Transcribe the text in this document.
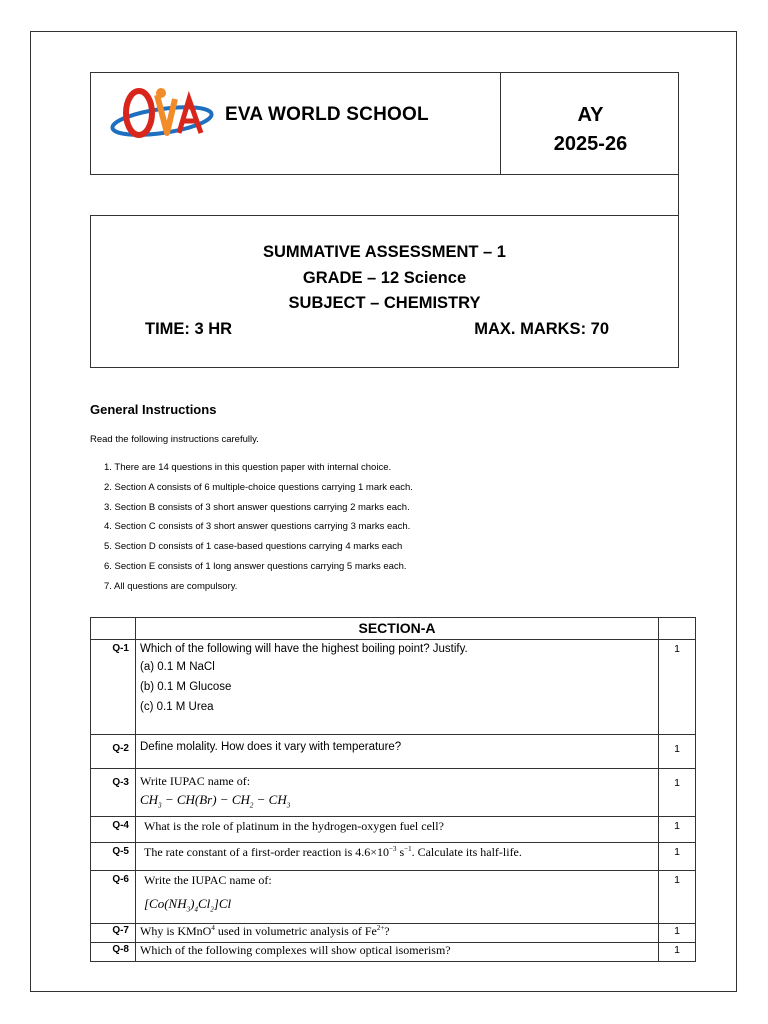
EVA WORLD SCHOOL	AY
2025-26
SUMMATIVE ASSESSMENT – 1
GRADE – 12 Science
SUBJECT – CHEMISTRY
TIME: 3 HR	MAX. MARKS: 70
General Instructions
Read the following instructions carefully.
1. There are 14 questions in this question paper with internal choice.
2. Section A consists of 6 multiple-choice questions carrying 1 mark each.
3. Section B consists of 3 short answer questions carrying 2 marks each.
4. Section C consists of 3 short answer questions carrying 3 marks each.
5. Section D consists of 1 case-based questions carrying 4 marks each
6. Section E consists of 1 long answer questions carrying 5 marks each.
7. All questions are compulsory.
	SECTION-A	
Q-1	Which of the following will have the highest boiling point? Justify.
(a) 0.1 M NaCl
(b) 0.1 M Glucose
(c) 0.1 M Urea	1
Q-2	Define molality. How does it vary with temperature?	1
Q-3	Write IUPAC name of:
$CH_3 - CH(Br) - CH_2 - CH_3$	1
Q-4	What is the role of platinum in the hydrogen-oxygen fuel cell?	1
Q-5	The rate constant of a first-order reaction is $4.6\times 10^{-3}$ $s^{-1}$. Calculate its half-life.	1
Q-6	Write the IUPAC name of:
$[Co(NH_3)_4Cl_2]Cl$	1
Q-7	Why is KMnO$^4$ used in volumetric analysis of $Fe^{2+}$?	1
Q-8	Which of the following complexes will show optical isomerism?	1
